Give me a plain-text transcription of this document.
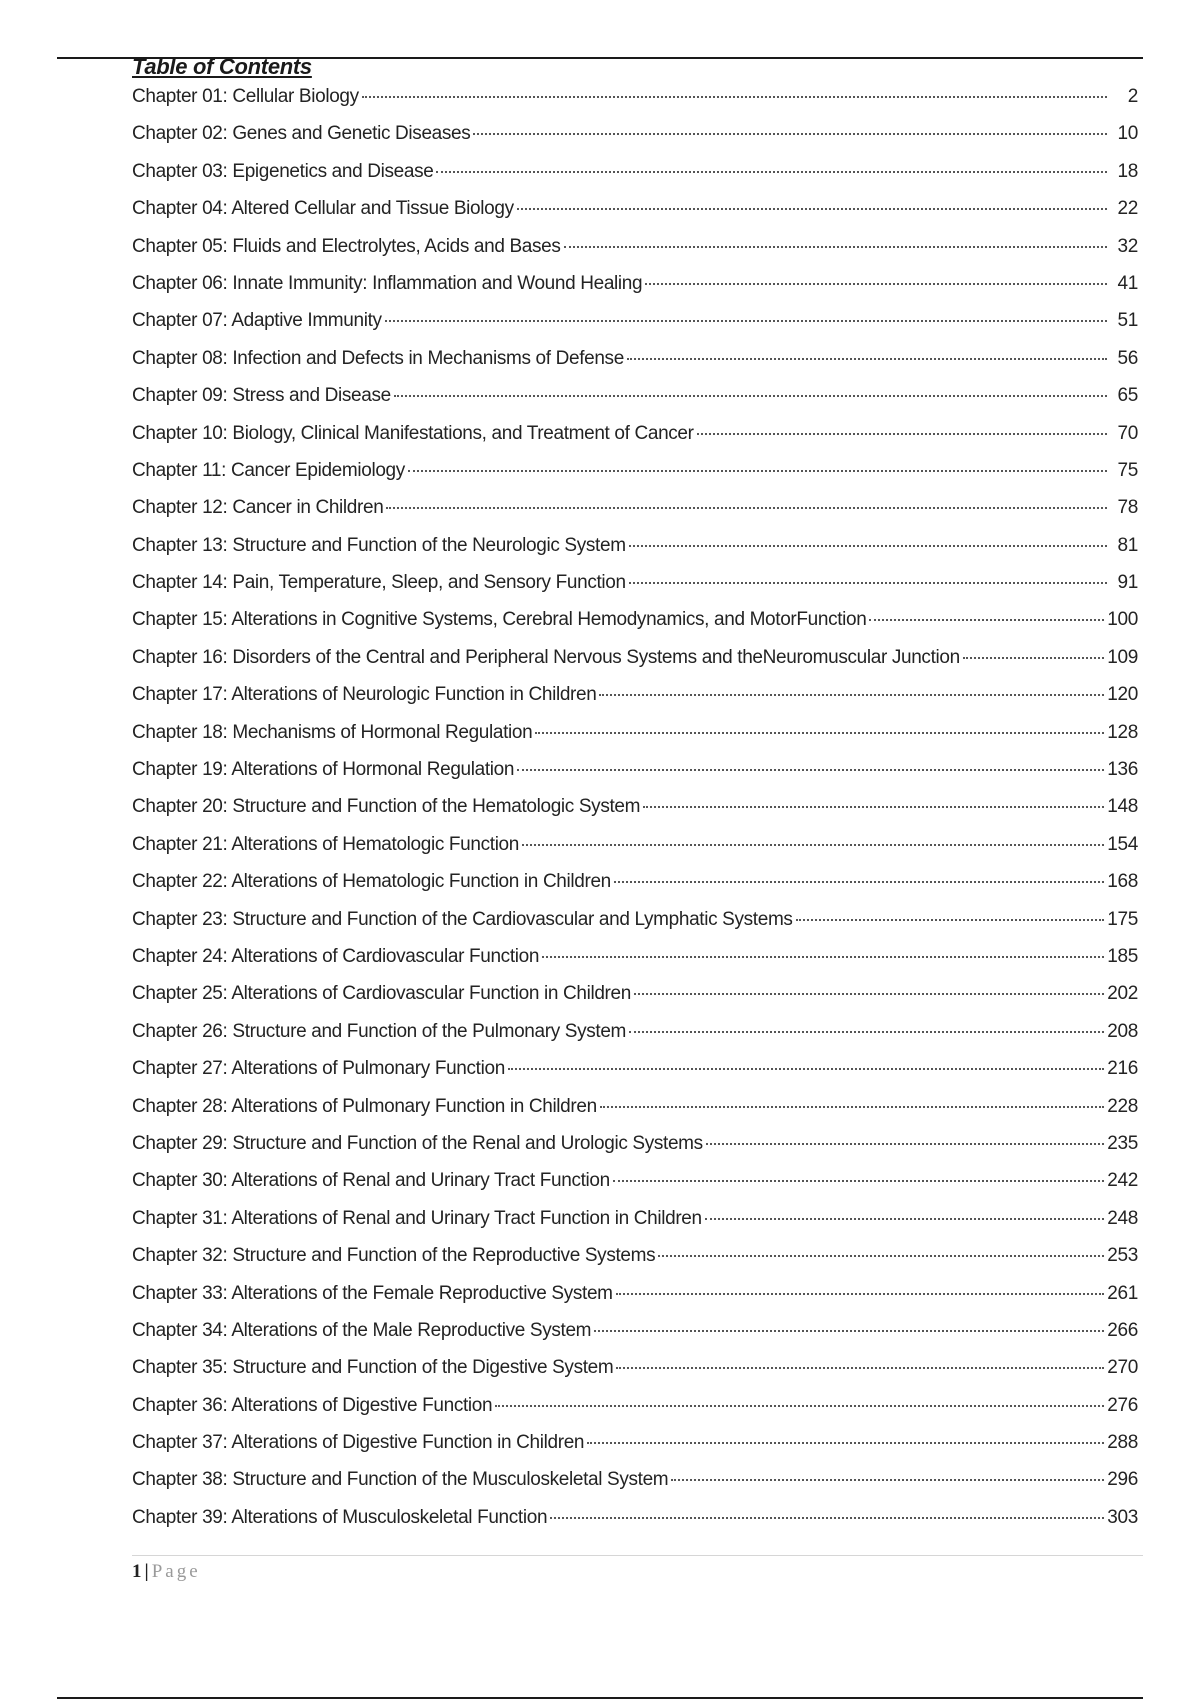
Table of Contents
Chapter 01: Cellular Biology	2
Chapter 02: Genes and Genetic Diseases	10
Chapter 03: Epigenetics and Disease	18
Chapter 04: Altered Cellular and Tissue Biology	22
Chapter 05: Fluids and Electrolytes, Acids and Bases	32
Chapter 06: Innate Immunity: Inflammation and Wound Healing	41
Chapter 07: Adaptive Immunity	51
Chapter 08: Infection and Defects in Mechanisms of Defense	56
Chapter 09: Stress and Disease	65
Chapter 10: Biology, Clinical Manifestations, and Treatment of Cancer	70
Chapter 11: Cancer Epidemiology	75
Chapter 12: Cancer in Children	78
Chapter 13: Structure and Function of the Neurologic System	81
Chapter 14: Pain, Temperature, Sleep, and Sensory Function	91
Chapter 15: Alterations in Cognitive Systems, Cerebral Hemodynamics, and MotorFunction	100
Chapter 16: Disorders of the Central and Peripheral Nervous Systems and theNeuromuscular Junction	109
Chapter 17: Alterations of Neurologic Function in Children	120
Chapter 18: Mechanisms of Hormonal Regulation	128
Chapter 19: Alterations of Hormonal Regulation	136
Chapter 20: Structure and Function of the Hematologic System	148
Chapter 21: Alterations of Hematologic Function	154
Chapter 22: Alterations of Hematologic Function in Children	168
Chapter 23: Structure and Function of the Cardiovascular and Lymphatic Systems	175
Chapter 24: Alterations of Cardiovascular Function	185
Chapter 25: Alterations of Cardiovascular Function in Children	202
Chapter 26: Structure and Function of the Pulmonary System	208
Chapter 27: Alterations of Pulmonary Function	216
Chapter 28: Alterations of Pulmonary Function in Children	228
Chapter 29: Structure and Function of the Renal and Urologic Systems	235
Chapter 30: Alterations of Renal and Urinary Tract Function	242
Chapter 31: Alterations of Renal and Urinary Tract Function in Children	248
Chapter 32: Structure and Function of the Reproductive Systems	253
Chapter 33: Alterations of the Female Reproductive System	261
Chapter 34: Alterations of the Male Reproductive System	266
Chapter 35: Structure and Function of the Digestive System	270
Chapter 36: Alterations of Digestive Function	276
Chapter 37: Alterations of Digestive Function in Children	288
Chapter 38: Structure and Function of the Musculoskeletal System	296
Chapter 39: Alterations of Musculoskeletal Function	303
1 | Page
